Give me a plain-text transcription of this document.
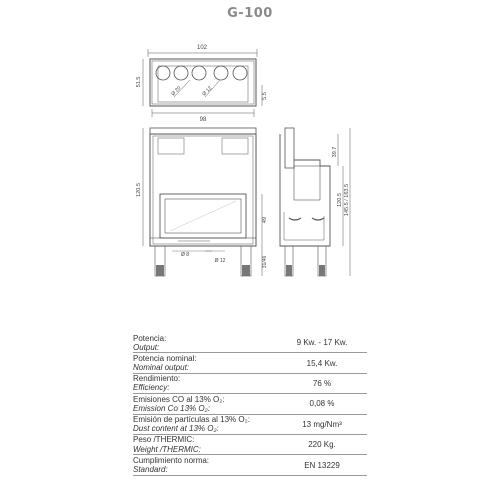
G-100
102
51.5
5.5
98
Ø 20	Ø 12
120.5
49
31/46
Ø 8
Ø 12
39.7
120.5 145.5 / 163.5
Potencia:
Output:
9 Kw. - 17 Kw.
Potencia nominal:
Nominal output:
15,4 Kw.
Rendimiento:
Efficiency:
76 %
Emisiones CO al 13% O₂:
Emission Co 13% O₂:
0,08 %
Emisión de partículas al 13% O₂:
Dust content at 13% O₂:
13 mg/Nm³
Peso /THERMIC:
Weight /THERMIC:
220 Kg.
Cumplimiento norma:
Standard:
EN 13229
